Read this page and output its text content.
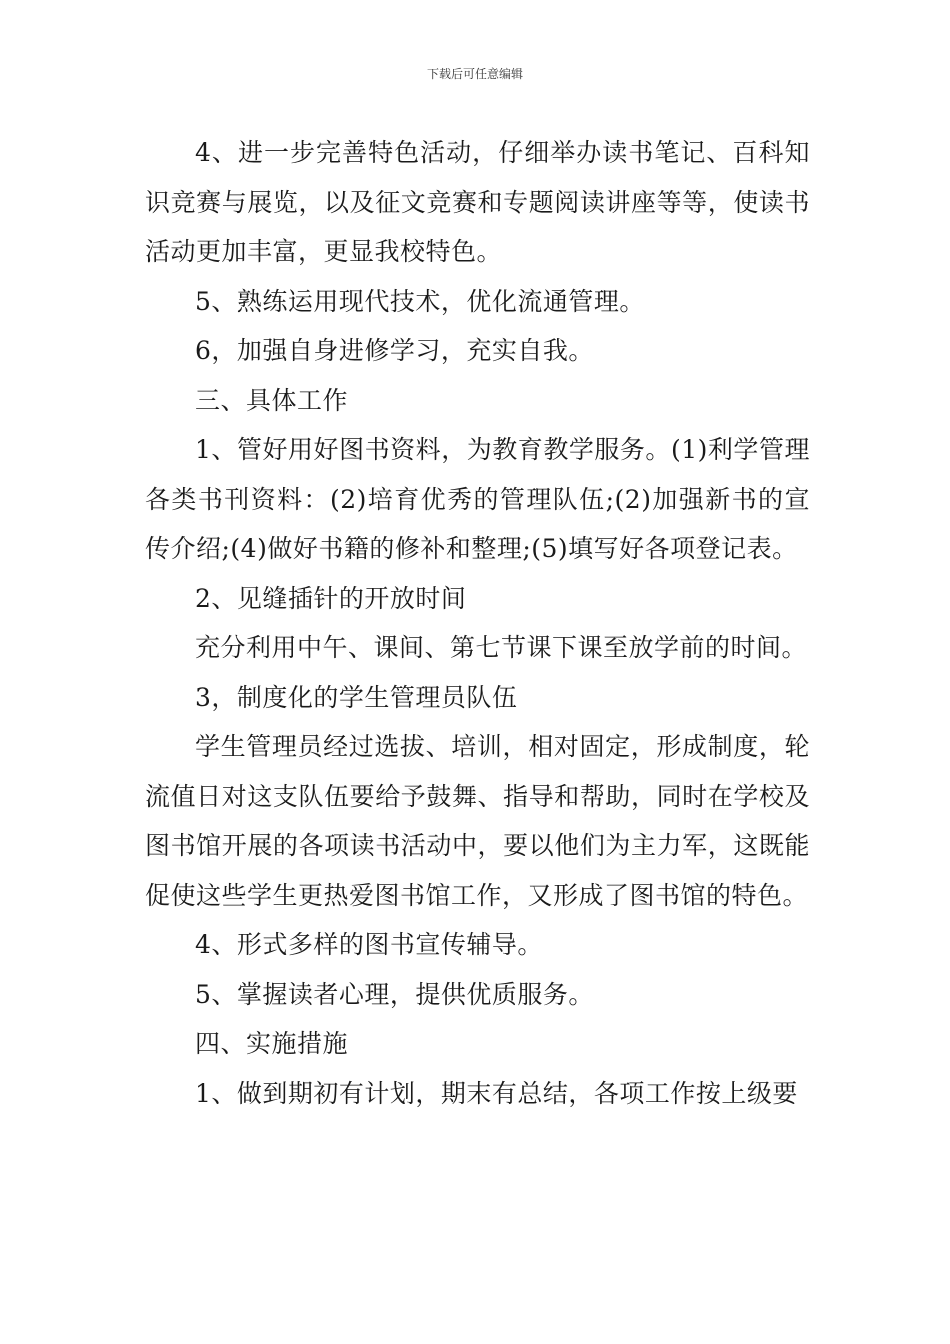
下载后可任意编辑

4、进一步完善特色活动，仔细举办读书笔记、百科知识竞赛与展览，以及征文竞赛和专题阅读讲座等等，使读书活动更加丰富，更显我校特色。

5、熟练运用现代技术，优化流通管理。

6，加强自身进修学习，充实自我。

三、具体工作

1、管好用好图书资料，为教育教学服务。(1)利学管理各类书刊资料：(2)培育优秀的管理队伍;(2)加强新书的宣传介绍;(4)做好书籍的修补和整理;(5)填写好各项登记表。

2、见缝插针的开放时间

充分利用中午、课间、第七节课下课至放学前的时间。

3，制度化的学生管理员队伍

学生管理员经过选拔、培训，相对固定，形成制度，轮流值日对这支队伍要给予鼓舞、指导和帮助，同时在学校及图书馆开展的各项读书活动中，要以他们为主力军，这既能促使这些学生更热爱图书馆工作，又形成了图书馆的特色。

4、形式多样的图书宣传辅导。

5、掌握读者心理，提供优质服务。

四、实施措施

1、做到期初有计划，期末有总结，各项工作按上级要
